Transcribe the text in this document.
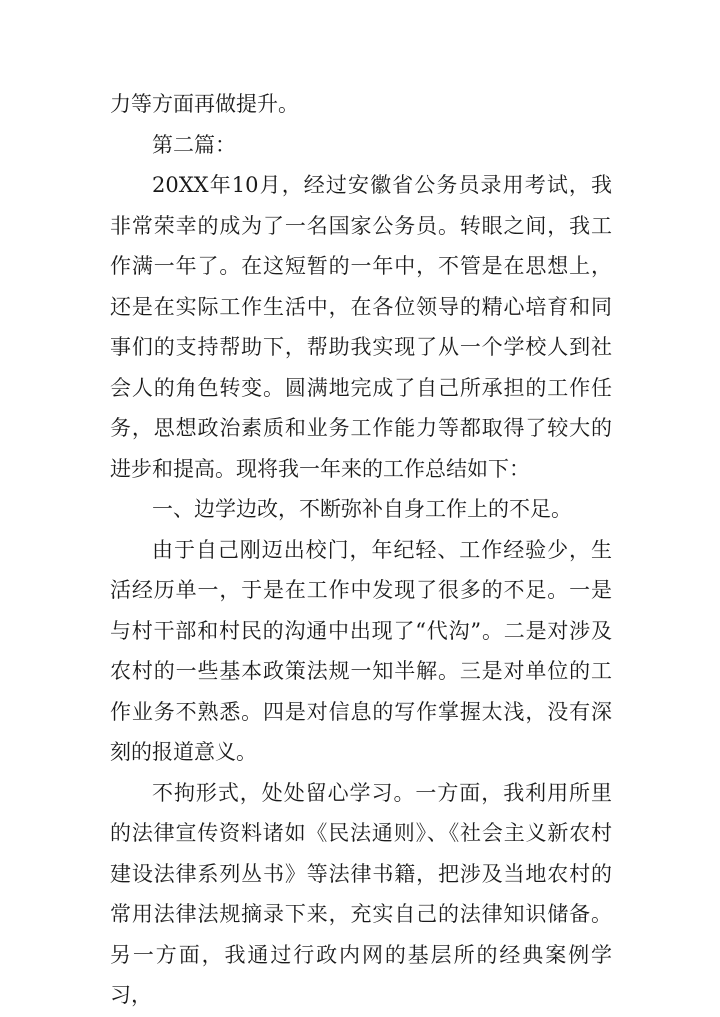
力等方面再做提升。

第二篇：

20XX年10月，经过安徽省公务员录用考试，我非常荣幸的成为了一名国家公务员。转眼之间，我工作满一年了。在这短暂的一年中，不管是在思想上，还是在实际工作生活中，在各位领导的精心培育和同事们的支持帮助下，帮助我实现了从一个学校人到社会人的角色转变。圆满地完成了自己所承担的工作任务，思想政治素质和业务工作能力等都取得了较大的进步和提高。现将我一年来的工作总结如下：

一、边学边改，不断弥补自身工作上的不足。

由于自己刚迈出校门，年纪轻、工作经验少，生活经历单一，于是在工作中发现了很多的不足。一是与村干部和村民的沟通中出现了“代沟”。二是对涉及农村的一些基本政策法规一知半解。三是对单位的工作业务不熟悉。四是对信息的写作掌握太浅，没有深刻的报道意义。

不拘形式，处处留心学习。一方面，我利用所里的法律宣传资料诸如《民法通则》、《社会主义新农村建设法律系列丛书》等法律书籍，把涉及当地农村的常用法律法规摘录下来，充实自己的法律知识储备。另一方面，我通过行政内网的基层所的经典案例学习，
